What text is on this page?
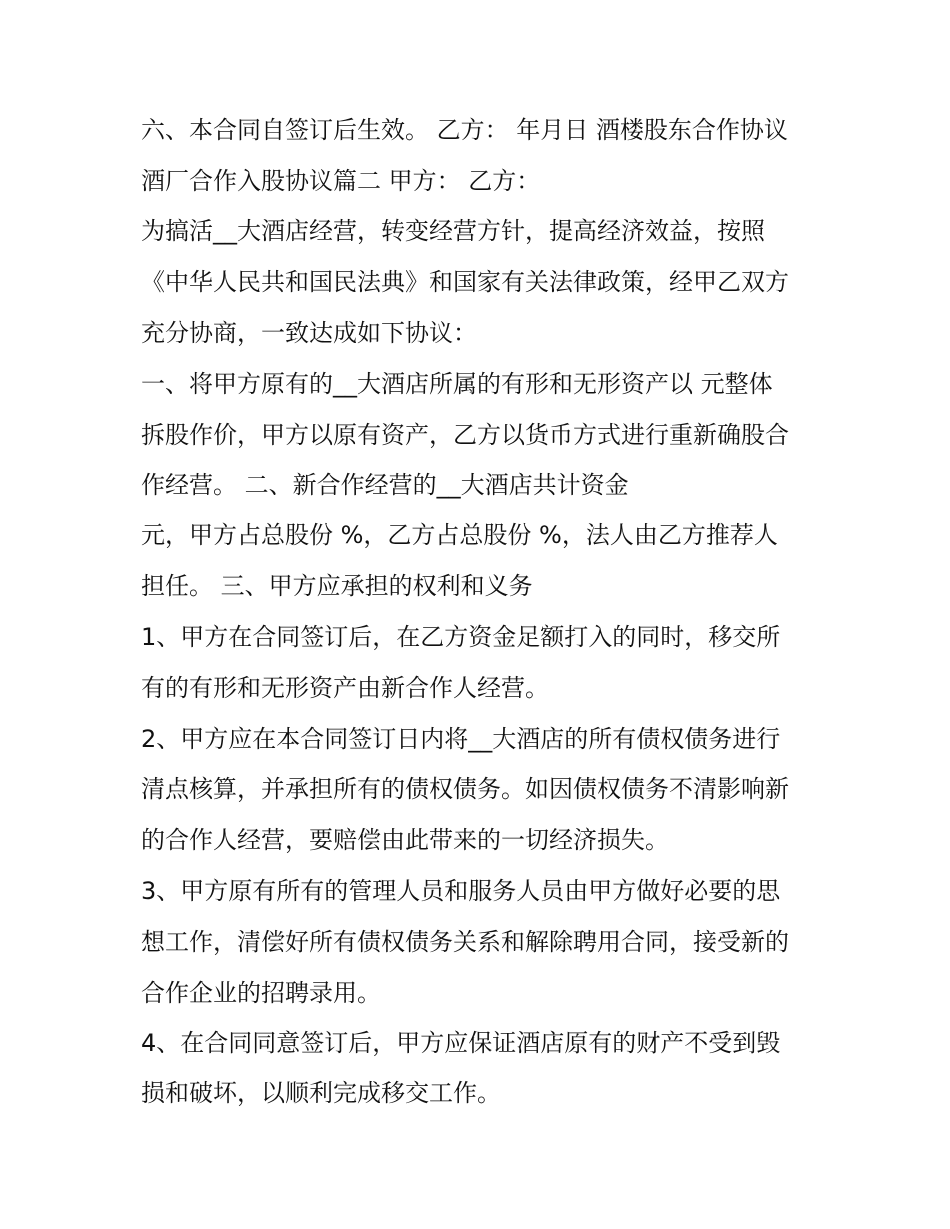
六、本合同自签订后生效。 乙方： 年月日 酒楼股东合作协议
酒厂合作入股协议篇二 甲方： 乙方：
为搞活__大酒店经营，转变经营方针，提高经济效益，按照
《中华人民共和国民法典》和国家有关法律政策，经甲乙双方
充分协商，一致达成如下协议：
一、将甲方原有的__大酒店所属的有形和无形资产以 元整体
拆股作价，甲方以原有资产，乙方以货币方式进行重新确股合
作经营。 二、新合作经营的__大酒店共计资金
元，甲方占总股份 %，乙方占总股份 %，法人由乙方推荐人
担任。 三、甲方应承担的权利和义务
1、甲方在合同签订后，在乙方资金足额打入的同时，移交所
有的有形和无形资产由新合作人经营。
2、甲方应在本合同签订日内将__大酒店的所有债权债务进行
清点核算，并承担所有的债权债务。如因债权债务不清影响新
的合作人经营，要赔偿由此带来的一切经济损失。
3、甲方原有所有的管理人员和服务人员由甲方做好必要的思
想工作，清偿好所有债权债务关系和解除聘用合同，接受新的
合作企业的招聘录用。
4、在合同同意签订后，甲方应保证酒店原有的财产不受到毁
损和破坏，以顺利完成移交工作。
